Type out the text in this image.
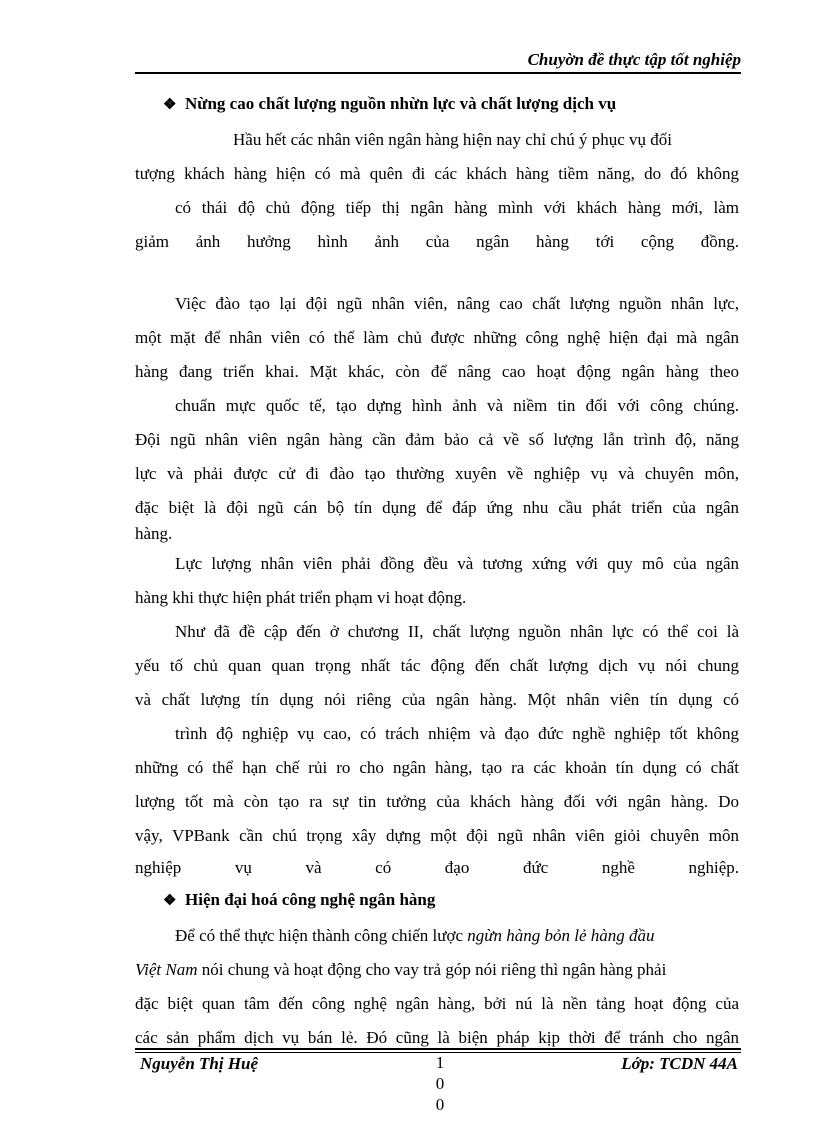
Chuyờn đề thực tập tốt nghiệp
❖ Nừng cao chất lượng nguồn nhừn lực và chất lượng dịch vụ
Hầu hết các nhân viên ngân hàng hiện nay chỉ chú ý phục vụ đối
tượng khách hàng hiện có mà quên đi các khách hàng tiềm năng, do đó không
có thái độ chủ động tiếp thị ngân hàng mình với khách hàng mới, làm
giảm ảnh hưởng hình ảnh của ngân hàng tới cộng đồng.
Việc đào tạo lại đội ngũ nhân viên, nâng cao chất lượng nguồn nhân lực,
một mặt để nhân viên có thể làm chủ được những công nghệ hiện đại mà ngân
hàng đang triển khai. Mặt khác, còn để nâng cao hoạt động ngân hàng theo
chuẩn mực quốc tế, tạo dựng hình ảnh và niềm tin đối với công chúng.
Đội ngũ nhân viên ngân hàng cần đảm bảo cả về số lượng lẫn trình độ, năng
lực và phải được cử đi đào tạo thường xuyên về nghiệp vụ và chuyên môn,
đặc biệt là đội ngũ cán bộ tín dụng để đáp ứng nhu cầu phát triển của ngân
hàng.
Lực lượng nhân viên phải đồng đều và tương xứng với quy mô của ngân
hàng khi thực hiện phát triển phạm vi hoạt động.
Như đã đề cập đến ở chương II, chất lượng nguồn nhân lực có thể coi là
yếu tố chủ quan quan trọng nhất tác động đến chất lượng dịch vụ nói chung
và chất lượng tín dụng nói riêng của ngân hàng. Một nhân viên tín dụng có
trình độ nghiệp vụ cao, có trách nhiệm và đạo đức nghề nghiệp tốt không
những có thể hạn chế rủi ro cho ngân hàng, tạo ra các khoản tín dụng có chất
lượng tốt mà còn tạo ra sự tin tưởng của khách hàng đối với ngân hàng. Do
vậy, VPBank cần chú trọng xây dựng một đội ngũ nhân viên giỏi chuyên môn
nghiệp vụ và có đạo đức nghề nghiệp.
❖ Hiện đại hoá công nghệ ngân hàng
Để có thể thực hiện thành công chiến lược ngừn hàng bỏn lẻ hàng đầu
Việt Nam nói chung và hoạt động cho vay trả góp nói riêng thì ngân hàng phải
đặc biệt quan tâm đến công nghệ ngân hàng, bởi nú là nền tảng hoạt động của
các sản phẩm dịch vụ bán lẻ. Đó cũng là biện pháp kịp thời để tránh cho ngân
Nguyễn Thị Huệ	1
0
0
Lớp: TCDN 44A
